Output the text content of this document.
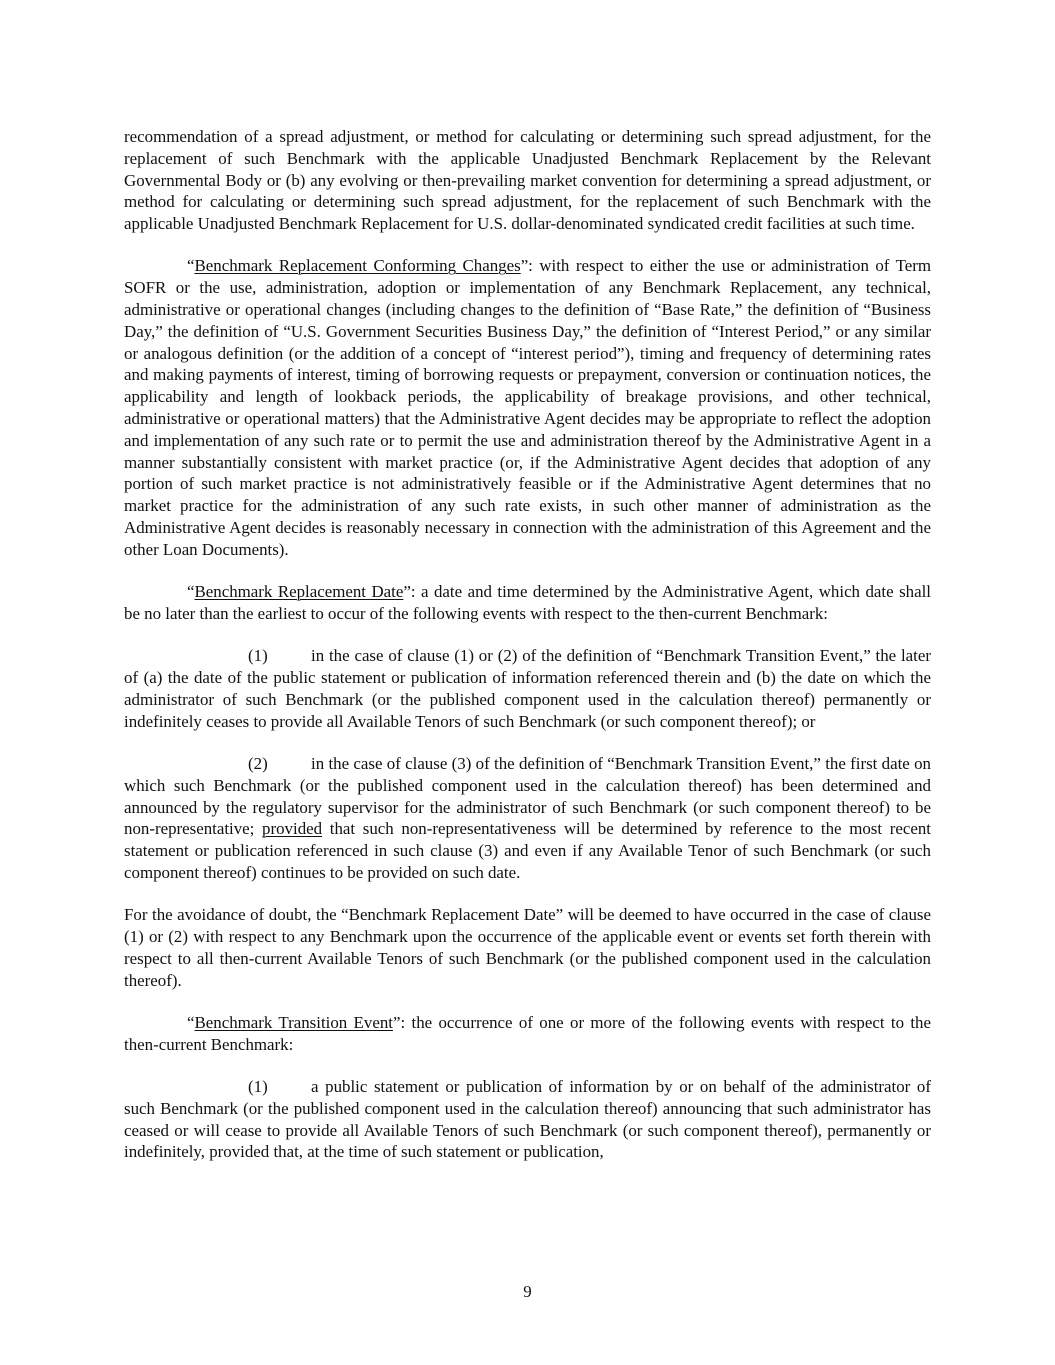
recommendation of a spread adjustment, or method for calculating or determining such spread adjustment, for the replacement of such Benchmark with the applicable Unadjusted Benchmark Replacement by the Relevant Governmental Body or (b) any evolving or then-prevailing market convention for determining a spread adjustment, or method for calculating or determining such spread adjustment, for the replacement of such Benchmark with the applicable Unadjusted Benchmark Replacement for U.S. dollar-denominated syndicated credit facilities at such time.

“Benchmark Replacement Conforming Changes”: with respect to either the use or administration of Term SOFR or the use, administration, adoption or implementation of any Benchmark Replacement, any technical, administrative or operational changes (including changes to the definition of “Base Rate,” the definition of “Business Day,” the definition of “U.S. Government Securities Business Day,” the definition of “Interest Period,” or any similar or analogous definition (or the addition of a concept of “interest period”), timing and frequency of determining rates and making payments of interest, timing of borrowing requests or prepayment, conversion or continuation notices, the applicability and length of lookback periods, the applicability of breakage provisions, and other technical, administrative or operational matters) that the Administrative Agent decides may be appropriate to reflect the adoption and implementation of any such rate or to permit the use and administration thereof by the Administrative Agent in a manner substantially consistent with market practice (or, if the Administrative Agent decides that adoption of any portion of such market practice is not administratively feasible or if the Administrative Agent determines that no market practice for the administration of any such rate exists, in such other manner of administration as the Administrative Agent decides is reasonably necessary in connection with the administration of this Agreement and the other Loan Documents).

“Benchmark Replacement Date”: a date and time determined by the Administrative Agent, which date shall be no later than the earliest to occur of the following events with respect to the then-current Benchmark:

(1)	in the case of clause (1) or (2) of the definition of “Benchmark Transition Event,” the later of (a) the date of the public statement or publication of information referenced therein and (b) the date on which the administrator of such Benchmark (or the published component used in the calculation thereof) permanently or indefinitely ceases to provide all Available Tenors of such Benchmark (or such component thereof); or

(2)	in the case of clause (3) of the definition of “Benchmark Transition Event,” the first date on which such Benchmark (or the published component used in the calculation thereof) has been determined and announced by the regulatory supervisor for the administrator of such Benchmark (or such component thereof) to be non-representative; provided that such non-representativeness will be determined by reference to the most recent statement or publication referenced in such clause (3) and even if any Available Tenor of such Benchmark (or such component thereof) continues to be provided on such date.

For the avoidance of doubt, the “Benchmark Replacement Date” will be deemed to have occurred in the case of clause (1) or (2) with respect to any Benchmark upon the occurrence of the applicable event or events set forth therein with respect to all then-current Available Tenors of such Benchmark (or the published component used in the calculation thereof).

“Benchmark Transition Event”: the occurrence of one or more of the following events with respect to the then-current Benchmark:

(1)	a public statement or publication of information by or on behalf of the administrator of such Benchmark (or the published component used in the calculation thereof) announcing that such administrator has ceased or will cease to provide all Available Tenors of such Benchmark (or such component thereof), permanently or indefinitely, provided that, at the time of such statement or publication,

9
